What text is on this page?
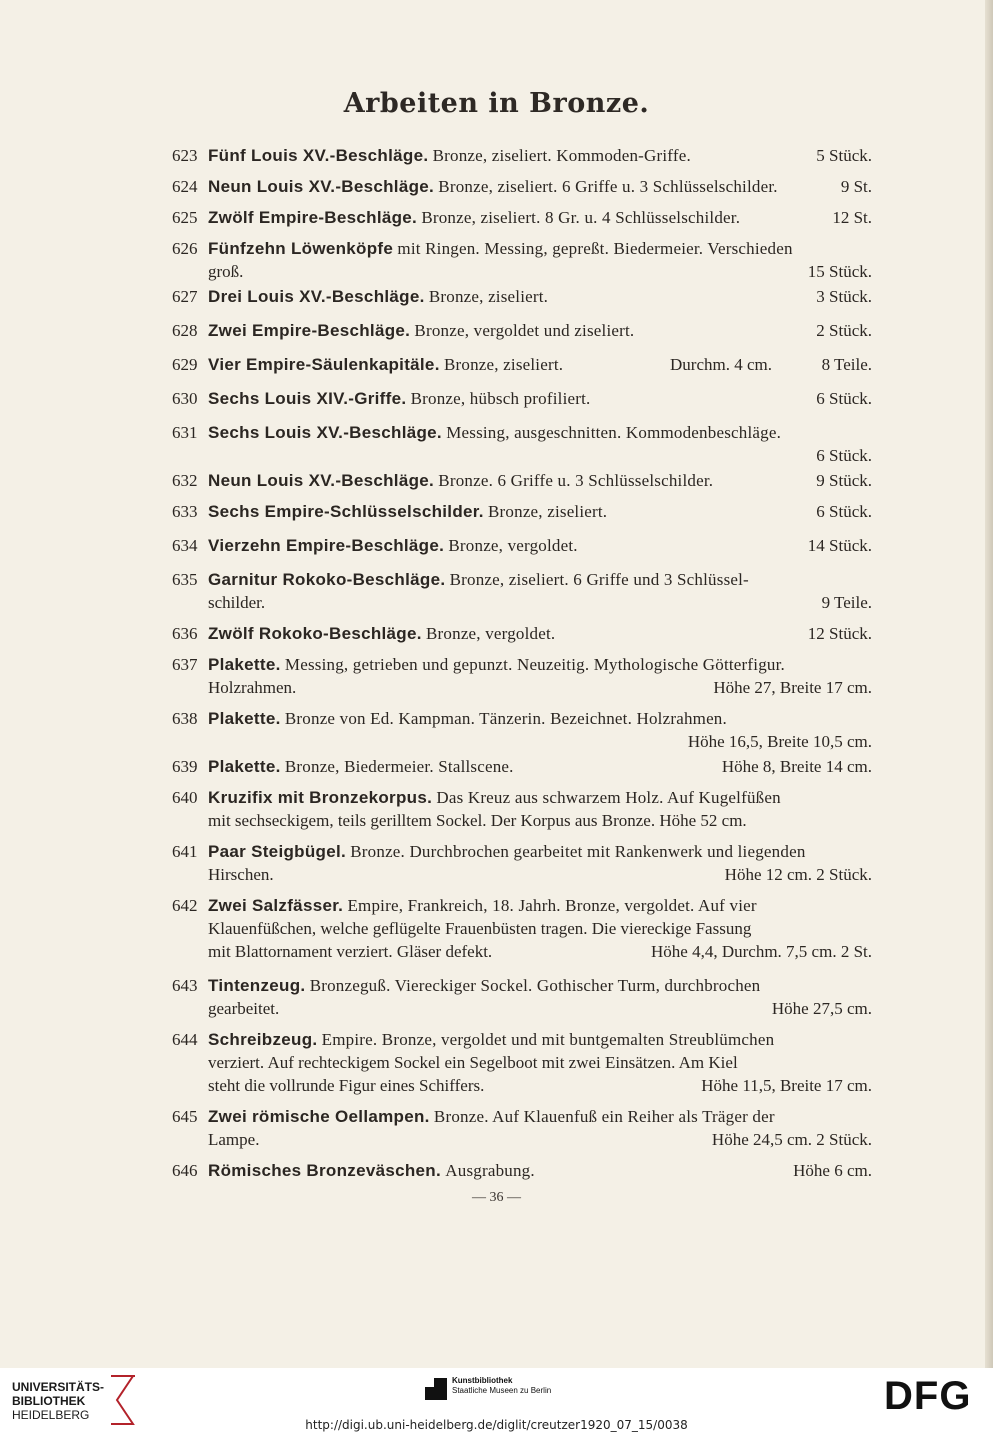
Arbeiten in Bronze.
623 Fünf Louis XV.-Beschläge. Bronze, ziseliert. Kommoden-Griffe.	5 Stück.
624 Neun Louis XV.-Beschläge. Bronze, ziseliert. 6 Griffe u. 3 Schlüsselschilder.	9 St.
625 Zwölf Empire-Beschläge. Bronze, ziseliert. 8 Gr. u. 4 Schlüsselschilder.	12 St.
626 Fünfzehn Löwenköpfe mit Ringen. Messing, gepreßt. Biedermeier. Verschieden
groß.	15 Stück.
627 Drei Louis XV.-Beschläge. Bronze, ziseliert.	3 Stück.
628 Zwei Empire-Beschläge. Bronze, vergoldet und ziseliert.	2 Stück.
629 Vier Empire-Säulenkapitäle. Bronze, ziseliert.	Durchm. 4 cm.	8 Teile.
630 Sechs Louis XIV.-Griffe. Bronze, hübsch profiliert.	6 Stück.
631 Sechs Louis XV.-Beschläge. Messing, ausgeschnitten. Kommodenbeschläge.
6 Stück.
632 Neun Louis XV.-Beschläge. Bronze. 6 Griffe u. 3 Schlüsselschilder.	9 Stück.
633 Sechs Empire-Schlüsselschilder. Bronze, ziseliert.	6 Stück.
634 Vierzehn Empire-Beschläge. Bronze, vergoldet.	14 Stück.
635 Garnitur Rokoko-Beschläge. Bronze, ziseliert. 6 Griffe und 3 Schlüssel-
schilder.	9 Teile.
636 Zwölf Rokoko-Beschläge. Bronze, vergoldet.	12 Stück.
637 Plakette. Messing, getrieben und gepunzt. Neuzeitig. Mythologische Götterfigur.
Holzrahmen.	Höhe 27, Breite 17 cm.
638 Plakette. Bronze von Ed. Kampman. Tänzerin. Bezeichnet. Holzrahmen.
Höhe 16,5, Breite 10,5 cm.
639 Plakette. Bronze, Biedermeier. Stallscene.	Höhe 8, Breite 14 cm.
640 Kruzifix mit Bronzekorpus. Das Kreuz aus schwarzem Holz. Auf Kugelfüßen
mit sechseckigem, teils gerilltem Sockel. Der Korpus aus Bronze. Höhe 52 cm.
641 Paar Steigbügel. Bronze. Durchbrochen gearbeitet mit Rankenwerk und liegenden
Hirschen.	Höhe 12 cm. 2 Stück.
642 Zwei Salzfässer. Empire, Frankreich, 18. Jahrh. Bronze, vergoldet. Auf vier
Klauenfüßchen, welche geflügelte Frauenbüsten tragen. Die viereckige Fassung
mit Blattornament verziert. Gläser defekt.	Höhe 4,4, Durchm. 7,5 cm. 2 St.
643 Tintenzeug. Bronzeguß. Viereckiger Sockel. Gothischer Turm, durchbrochen
gearbeitet.	Höhe 27,5 cm.
644 Schreibzeug. Empire. Bronze, vergoldet und mit buntgemalten Streublümchen
verziert. Auf rechteckigem Sockel ein Segelboot mit zwei Einsätzen. Am Kiel
steht die vollrunde Figur eines Schiffers.	Höhe 11,5, Breite 17 cm.
645 Zwei römische Oellampen. Bronze. Auf Klauenfuß ein Reiher als Träger der
Lampe.	Höhe 24,5 cm. 2 Stück.
646 Römisches Bronzeväschen. Ausgrabung.	Höhe 6 cm.
— 36 —
UNIVERSITÄTS-
BIBLIOTHEK
HEIDELBERG
Kunstbibliothek
Staatliche Museen zu Berlin	DFG
http://digi.ub.uni-heidelberg.de/diglit/creutzer1920_07_15/0038
